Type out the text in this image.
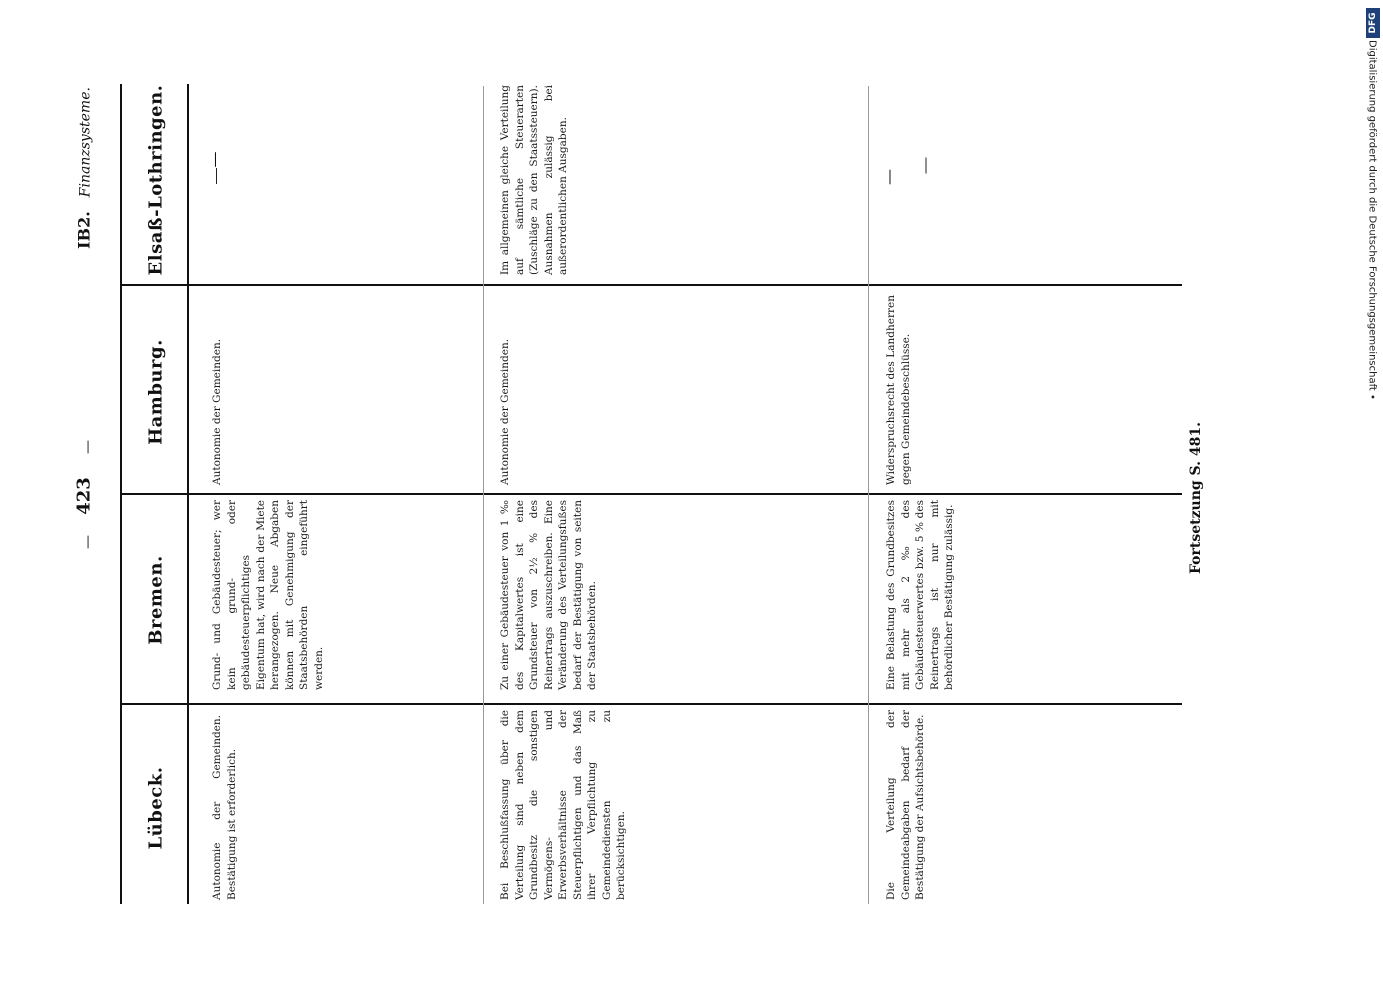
DFG
Digitalisierung gefördert durch die Deutsche Forschungsgemeinschaft •
IB2.Finanzsysteme.
—
423
—
Lübeck.
Bremen.
Hamburg.
Elsaß-Lothringen.
Autonomie der Gemeinden. Bestätigung ist erforderlich.
Grund- und Gebäudesteuer; wer kein grund- oder gebäudesteuerpflichtiges Eigentum hat, wird nach der Miete herangezogen. Neue Abgaben können mit Genehmigung der Staatsbehörden eingeführt werden.
Autonomie der Gemeinden.
Bei Beschlußfassung über die Verteilung sind neben dem Grundbesitz die sonstigen Vermögens- und Erwerbsverhältnisse der Steuerpflichtigen und das Maß ihrer Verpflichtung zu Gemeindediensten zu berücksichtigen.
Zu einer Gebäudesteuer von 1 ‰ des Kapitalwertes ist eine Grundsteuer von 2½ % des Reinertrags auszuschreiben. Eine Veränderung des Verteilungsfußes bedarf der Bestätigung von seiten der Staatsbehörden.
Autonomie der Gemeinden.
Im allgemeinen gleiche Verteilung auf sämtliche Steuerarten (Zuschläge zu den Staatssteuern). Ausnahmen zulässig bei außerordentlichen Ausgaben.
Die Verteilung der Gemeindeabgaben bedarf der Bestätigung der Aufsichtsbehörde.
Eine Belastung des Grundbesitzes mit mehr als 2 ‰ des Gebäudesteuerwertes bzw. 5 % des Reinertrags ist nur mit behördlicher Bestätigung zulässig.
Widerspruchsrecht des Landherren gegen Gemeindebeschlüsse.
—
Fortsetzung S. 481.
—
